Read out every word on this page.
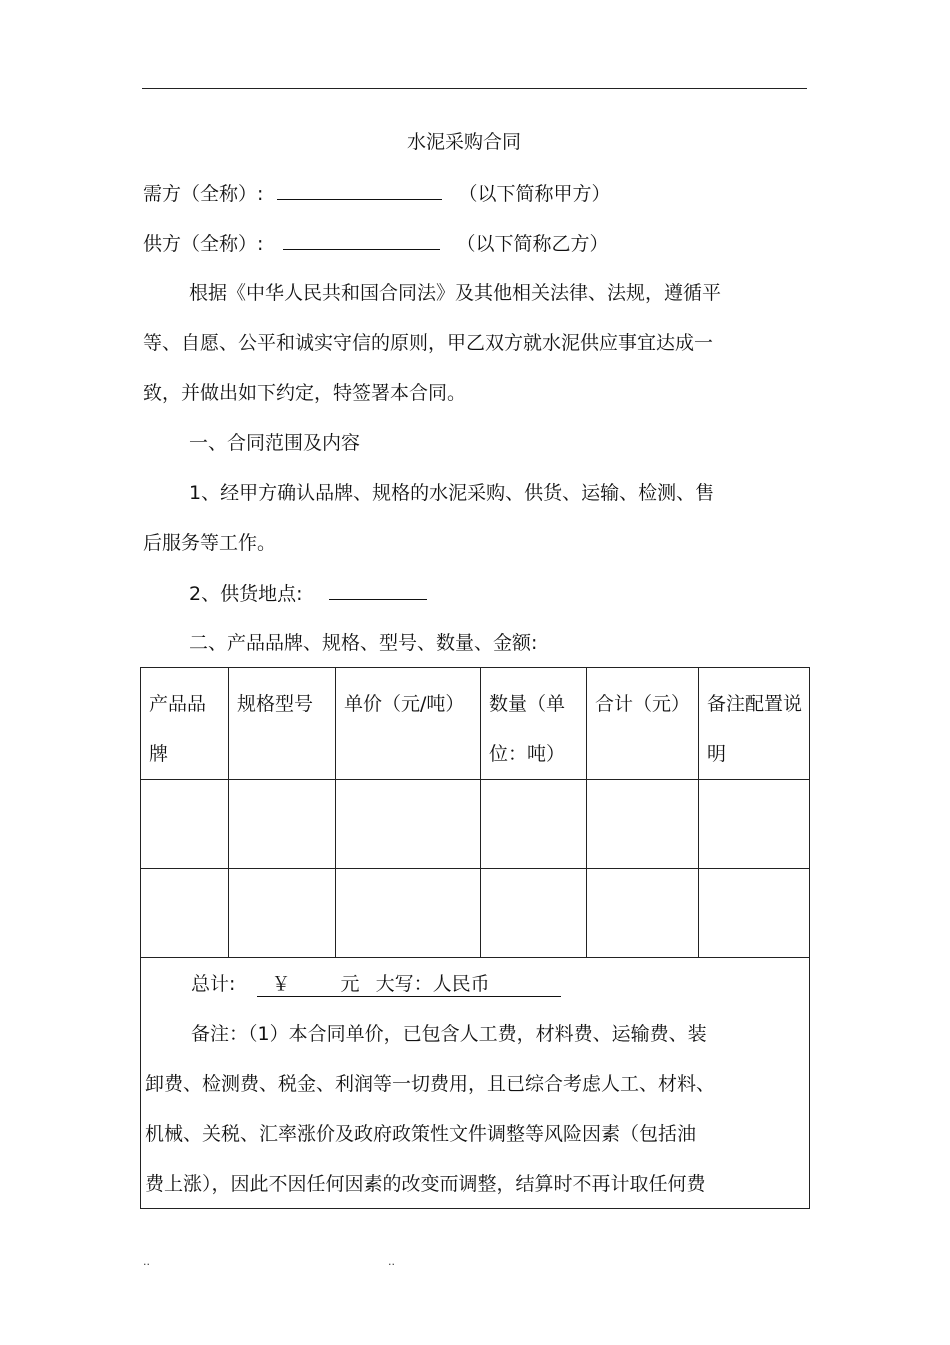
水泥采购合同
需方（全称）:	（以下简称甲方）
供方（全称）:	（以下简称乙方）
根据《中华人民共和国合同法》及其他相关法律、法规，遵循平
等、自愿、公平和诚实守信的原则，甲乙双方就水泥供应事宜达成一
致，并做出如下约定，特签署本合同。
一、合同范围及内容
1、经甲方确认品牌、规格的水泥采购、供货、运输、检测、售
后服务等工作。
2、供货地点:
二、产品品牌、规格、型号、数量、金额:
产品品牌	规格型号	单价（元/吨）	数量（单位：吨）	合计（元）	备注配置说明

总计: ￥ 元 大写：人民币
备注：（1）本合同单价，已包含人工费，材料费、运输费、装
卸费、检测费、税金、利润等一切费用，且已综合考虑人工、材料、
机械、关税、汇率涨价及政府政策性文件调整等风险因素（包括油
费上涨），因此不因任何因素的改变而调整，结算时不再计取任何费					
..	..
